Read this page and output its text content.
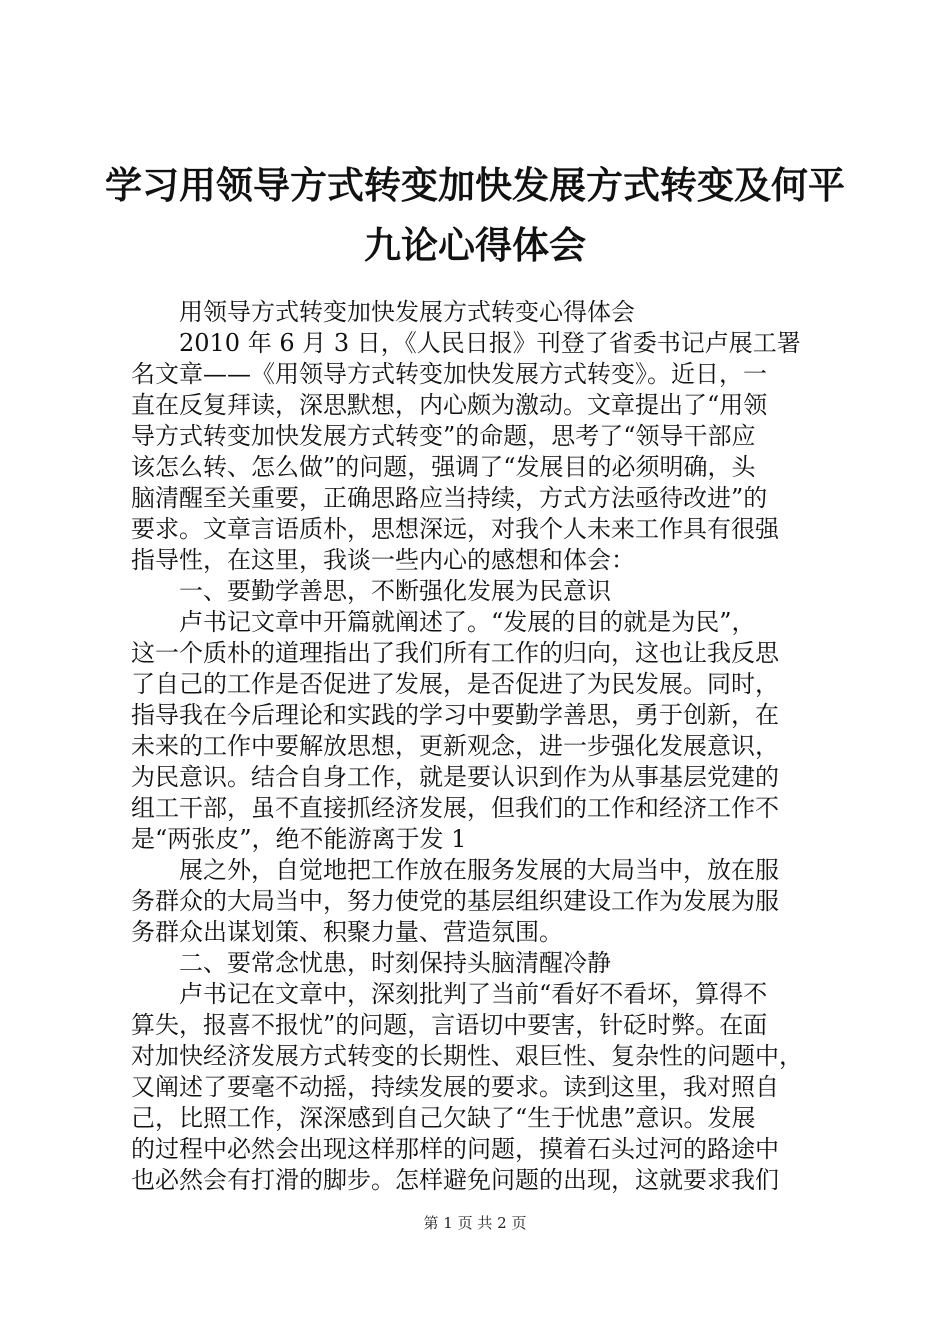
学习用领导方式转变加快发展方式转变及何平
九论心得体会
用领导方式转变加快发展方式转变心得体会
2010 年 6 月 3 日，《人民日报》刊登了省委书记卢展工署
名文章——《用领导方式转变加快发展方式转变》。近日，一
直在反复拜读，深思默想，内心颇为激动。文章提出了“用领
导方式转变加快发展方式转变”的命题，思考了“领导干部应
该怎么转、怎么做”的问题，强调了“发展目的必须明确，头
脑清醒至关重要，正确思路应当持续，方式方法亟待改进”的
要求。文章言语质朴，思想深远，对我个人未来工作具有很强
指导性，在这里，我谈一些内心的感想和体会：
一、要勤学善思，不断强化发展为民意识
卢书记文章中开篇就阐述了。“发展的目的就是为民”，
这一个质朴的道理指出了我们所有工作的归向，这也让我反思
了自己的工作是否促进了发展，是否促进了为民发展。同时，
指导我在今后理论和实践的学习中要勤学善思，勇于创新，在
未来的工作中要解放思想，更新观念，进一步强化发展意识，
为民意识。结合自身工作，就是要认识到作为从事基层党建的
组工干部，虽不直接抓经济发展，但我们的工作和经济工作不
是“两张皮”，绝不能游离于发 1
展之外，自觉地把工作放在服务发展的大局当中，放在服
务群众的大局当中，努力使党的基层组织建设工作为发展为服
务群众出谋划策、积聚力量、营造氛围。
二、要常念忧患，时刻保持头脑清醒冷静
卢书记在文章中，深刻批判了当前“看好不看坏，算得不
算失，报喜不报忧”的问题，言语切中要害，针砭时弊。在面
对加快经济发展方式转变的长期性、艰巨性、复杂性的问题中，
又阐述了要毫不动摇，持续发展的要求。读到这里，我对照自
己，比照工作，深深感到自己欠缺了“生于忧患”意识。发展
的过程中必然会出现这样那样的问题，摸着石头过河的路途中
也必然会有打滑的脚步。怎样避免问题的出现，这就要求我们
第 1 页 共 2 页
